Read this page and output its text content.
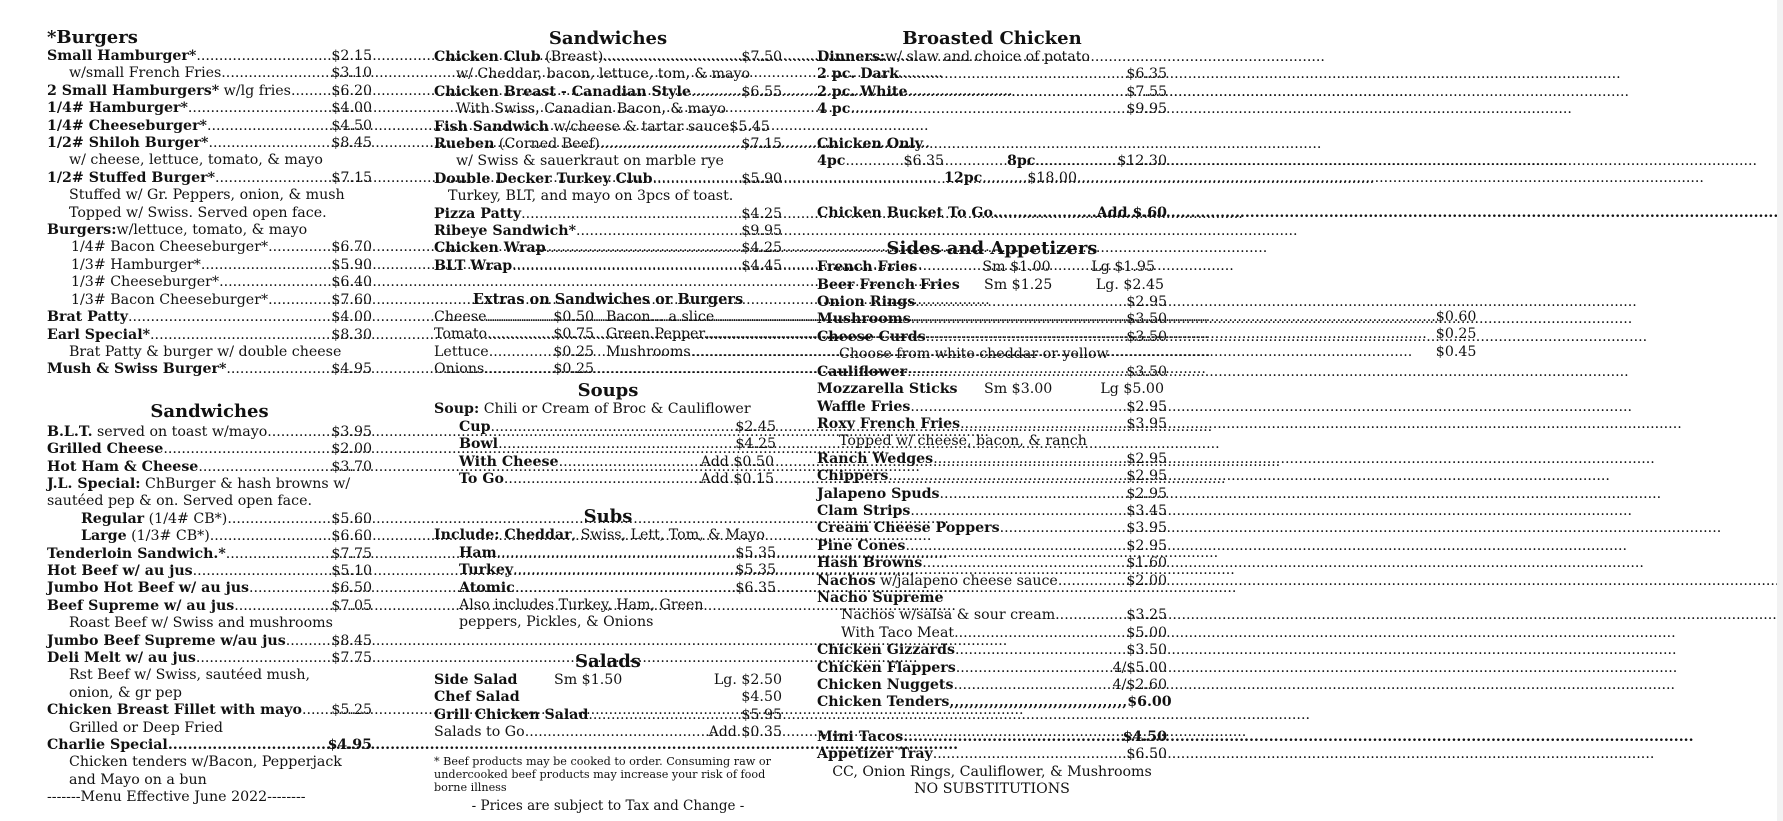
*Burgers
Small Hamburger* .....	$2.15
w/small French Fries .....	$3.10
2 Small Hamburgers* w/lg fries .....	$6.20
1/4# Hamburger* .....	$4.00
1/4# Cheeseburger* .....	$4.50
1/2# Shiloh Burger* .....	$8.45
w/ cheese, lettuce, tomato, & mayo
1/2# Stuffed Burger* .....	$7.15
Stuffed w/ Gr. Peppers, onion, & mush
Topped w/ Swiss. Served open face.
Burgers:w/lettuce, tomato, & mayo
1/4# Bacon Cheeseburger* .....	$6.70
1/3# Hamburger* .....	$5.90
1/3# Cheeseburger* .....	$6.40
1/3# Bacon Cheeseburger* .....	$7.60
Brat Patty .....	$4.00
Earl Special* .....	$8.30
Brat Patty & burger w/ double cheese
Mush & Swiss Burger* .....	$4.95
Sandwiches
B.L.T. served on toast w/mayo .....	$3.95
Grilled Cheese .....	$2.00
Hot Ham & Cheese .....	$3.70
J.L. Special: ChBurger & hash browns w/
sautéed pep & on. Served open face.
Regular (1/4# CB*) .....	$5.60
Large (1/3# CB*) .....	$6.60
Tenderloin Sandwich.* .....	$7.75
Hot Beef w/ au jus .....	$5.10
Jumbo Hot Beef w/ au jus .....	$6.50
Beef Supreme w/ au jus .....	$7.05
Roast Beef w/ Swiss and mushrooms
Jumbo Beef Supreme w/au jus .....	$8.45
Deli Melt w/ au jus .....	$7.75
Rst Beef w/ Swiss, sautéed mush,
onion, & gr pep
Chicken Breast Fillet with mayo ..... $5.25
Grilled or Deep Fried
Charlie Special .....	$4.95
Chicken tenders w/Bacon, Pepperjack
and Mayo on a bun
-------Menu Effective June 2022--------
Sandwiches
Chicken Club (Breast) .....	$7.50
w/ Cheddar, bacon, lettuce, tom, & mayo
Chicken Breast - Canadian Style .....	$6.55
With Swiss, Canadian Bacon, & mayo
Fish Sandwich w/cheese & tartar sauce$5.45
Rueben (Corned Beef) .....	$7.15
w/ Swiss & sauerkraut on marble rye
Double Decker Turkey Club .....	$5.90
Turkey, BLT, and mayo on 3pcs of toast.
Pizza Patty .....	$4.25
Ribeye Sandwich* .....	$9.95
Chicken Wrap .....	$4.25
BLT Wrap .....	$4.45
Extras on Sandwiches or Burgers
Cheese .....	$0.50
Tomato .....	$0.75
Lettuce .....	$0.25
Onions .....	$0.25
Bacon... a slice .....	$0.60
Green Pepper .....	$0.25
Mushrooms .....	$0.45
Soups
Soup: Chili or Cream of Broc & Cauliflower
Cup .....	$2.45
Bowl .....	$4.25
With Cheese .....	Add $0.50
To Go .....	Add $0.15
Subs
Include: Cheddar, Swiss, Lett, Tom, & Mayo
Ham .....	$5.35
Turkey .....	$5.35
Atomic .....	$6.35
Also includes Turkey, Ham, Green
peppers, Pickles, & Onions
Salads
Side Salad	Sm $1.50	Lg. $2.50
Chef Salad	$4.50
Grill Chicken Salad .....	$5.95
Salads to Go .....	Add $0.35
* Beef products may be cooked to order. Consuming raw or
undercooked beef products may increase your risk of food
borne illness
- Prices are subject to Tax and Change -
Broasted Chicken
Dinners:w/ slaw and choice of potato
2 pc. Dark .....	$6.35
2 pc. White .....	$7.55
4 pc .....	$9.95
Chicken Only
4pc .....	$6.35	8pc .....	$12.30
12pc .....	$18.00
Chicken Bucket To Go .....	Add $.60
Sides and Appetizers
French Fries	Sm $1.00	Lg $1.95
Beer French Fries	Sm $1.25	Lg. $2.45
Onion Rings .....	$2.95
Mushrooms .....	$3.50
Cheese Curds .....	$3.50
Choose from white cheddar or yellow
Cauliflower .....	$3.50
Mozzarella Sticks	Sm $3.00	Lg $5.00
Waffle Fries .....	$2.95
Roxy French Fries .....	$3.95
Topped w/ cheese, bacon, & ranch
Ranch Wedges .....	$2.95
Chippers .....	$2.95
Jalapeno Spuds .....	$2.95
Clam Strips .....	$3.45
Cream Cheese Poppers .....	$3.95
Pine Cones .....	$2.95
Hash Browns .....	$1.60
Nachos w/jalapeno cheese sauce .....	$2.00
Nacho Supreme
Nachos w/salsa & sour cream .....	$3.25
With Taco Meat .....	$5.00
Chicken Gizzards .....	$3.50
Chicken Flappers .....	4/$5.00
Chicken Nuggets .....	4/$2.60
Chicken Tenders,,,,,,,,,,,,,,,,,,,,,,,,,,,,,,,,,,,, $6.00
Mini Tacos .....	$4.50
Appetizer Tray .....	$6.50
CC, Onion Rings, Cauliflower, & Mushrooms
NO SUBSTITUTIONS
